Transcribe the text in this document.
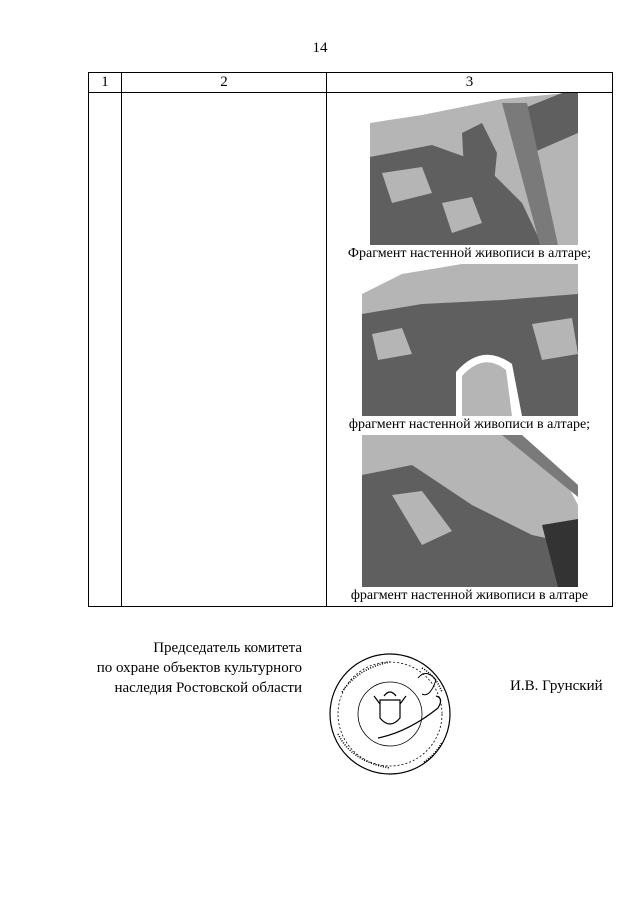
14
1	2	3

		Фрагмент настенной живописи в алтаре;
фрагмент настенной живописи в алтаре;
фрагмент настенной живописи в алтаре
Председатель комитета
по охране объектов культурного
наследия Ростовской области	И.В. Грунский
